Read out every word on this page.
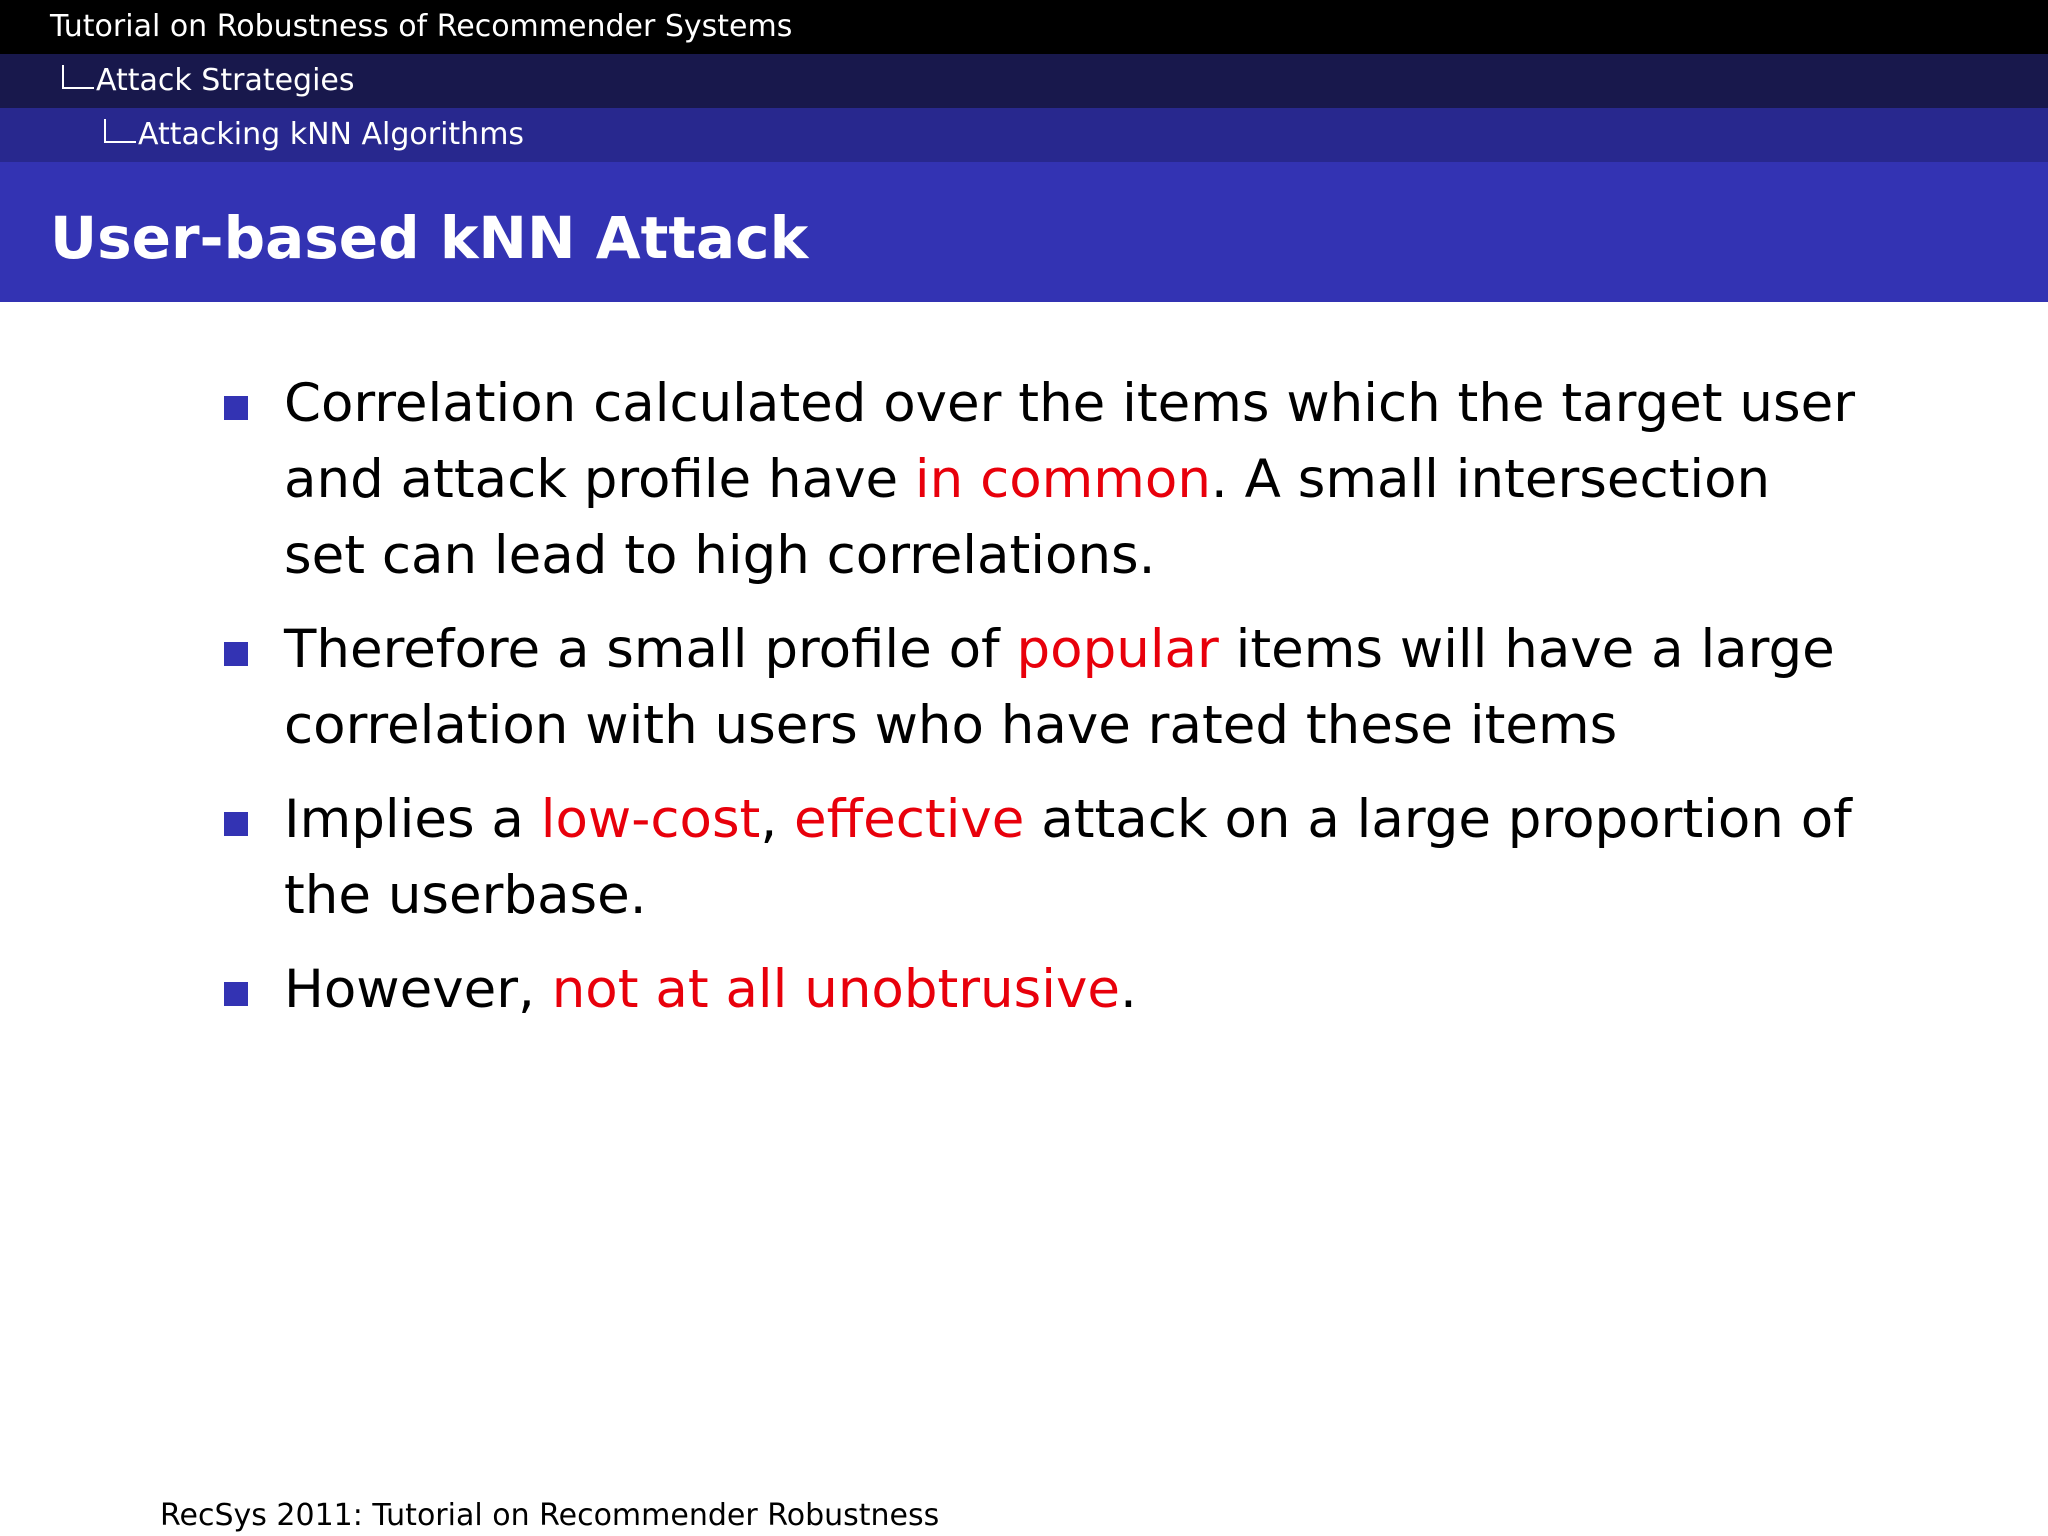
Tutorial on Robustness of Recommender Systems
Attack Strategies
Attacking kNN Algorithms
User-based kNN Attack
Correlation calculated over the items which the target user and attack profile have in common. A small intersection set can lead to high correlations.
Therefore a small profile of popular items will have a large correlation with users who have rated these items
Implies a low-cost, effective attack on a large proportion of the userbase.
However, not at all unobtrusive.
RecSys 2011: Tutorial on Recommender Robustness
